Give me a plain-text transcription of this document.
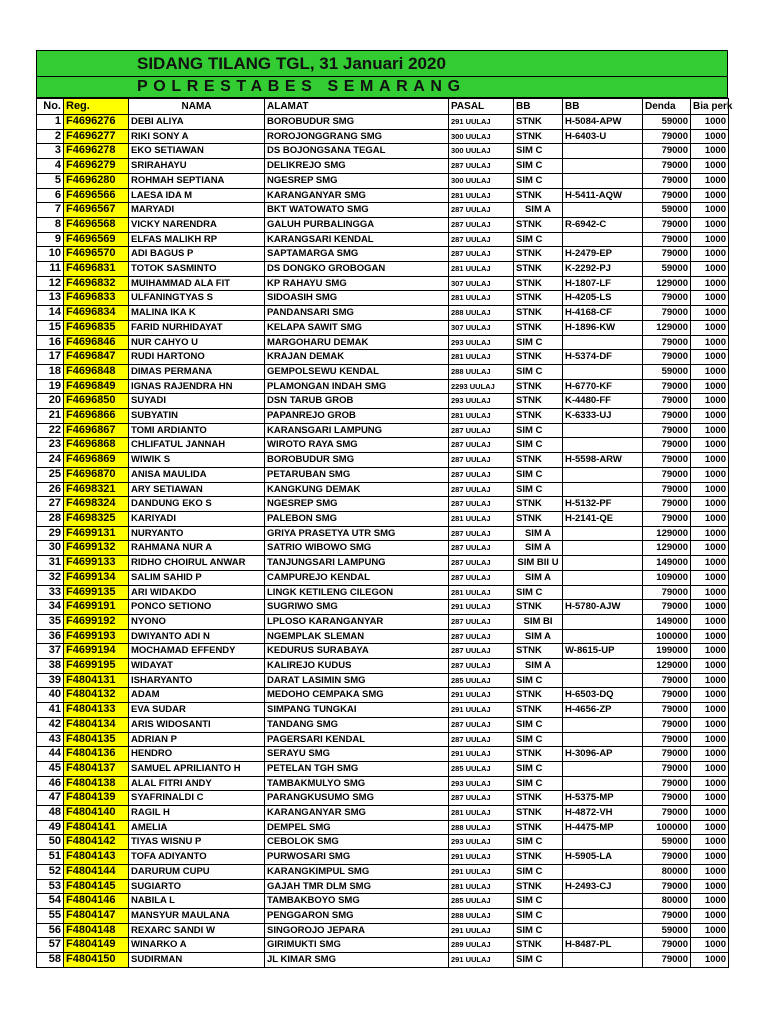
SIDANG TILANG TGL, 31 Januari 2020
POLRESTABES SEMARANG
No.	Reg.	NAMA	ALAMAT	PASAL	BB	BB	Denda	Bia perk
1	F4696276	DEBI ALIYA	BOROBUDUR SMG	291 UULAJ	STNK	H-5084-APW	59000	1000
2	F4696277	RIKI SONY A	ROROJONGGRANG SMG	300 UULAJ	STNK	H-6403-U	79000	1000
3	F4696278	EKO SETIAWAN	DS BOJONGSANA TEGAL	300 UULAJ	SIM C		79000	1000
4	F4696279	SRIRAHAYU	DELIKREJO SMG	287 UULAJ	SIM C		79000	1000
5	F4696280	ROHMAH SEPTIANA	NGESREP SMG	300 UULAJ	SIM C		79000	1000
6	F4696566	LAESA IDA M	KARANGANYAR SMG	281 UULAJ	STNK	H-5411-AQW	79000	1000
7	F4696567	MARYADI	BKT WATOWATO SMG	287 UULAJ	SIM A		59000	1000
8	F4696568	VICKY NARENDRA	GALUH PURBALINGGA	287 UULAJ	STNK	R-6942-C	79000	1000
9	F4696569	ELFAS MALIKH RP	KARANGSARI KENDAL	287 UULAJ	SIM C		79000	1000
10	F4696570	ADI BAGUS P	SAPTAMARGA SMG	287 UULAJ	STNK	H-2479-EP	79000	1000
11	F4696831	TOTOK SASMINTO	DS DONGKO GROBOGAN	281 UULAJ	STNK	K-2292-PJ	59000	1000
12	F4696832	MUIHAMMAD ALA FIT	KP RAHAYU SMG	307 UULAJ	STNK	H-1807-LF	129000	1000
13	F4696833	ULFANINGTYAS S	SIDOASIH SMG	281 UULAJ	STNK	H-4205-LS	79000	1000
14	F4696834	MALINA IKA K	PANDANSARI SMG	288 UULAJ	STNK	H-4168-CF	79000	1000
15	F4696835	FARID NURHIDAYAT	KELAPA SAWIT SMG	307 UULAJ	STNK	H-1896-KW	129000	1000
16	F4696846	NUR CAHYO U	MARGOHARU DEMAK	293 UULAJ	SIM C		79000	1000
17	F4696847	RUDI HARTONO	KRAJAN DEMAK	281 UULAJ	STNK	H-5374-DF	79000	1000
18	F4696848	DIMAS PERMANA	GEMPOLSEWU KENDAL	288 UULAJ	SIM C		59000	1000
19	F4696849	IGNAS RAJENDRA HN	PLAMONGAN INDAH SMG	2293 UULAJ	STNK	H-6770-KF	79000	1000
20	F4696850	SUYADI	DSN TARUB GROB	293 UULAJ	STNK	K-4480-FF	79000	1000
21	F4696866	SUBYATIN	PAPANREJO GROB	281 UULAJ	STNK	K-6333-UJ	79000	1000
22	F4696867	TOMI ARDIANTO	KARANSGARI LAMPUNG	287 UULAJ	SIM C		79000	1000
23	F4696868	CHLIFATUL JANNAH	WIROTO RAYA SMG	287 UULAJ	SIM C		79000	1000
24	F4696869	WIWIK S	BOROBUDUR SMG	287 UULAJ	STNK	H-5598-ARW	79000	1000
25	F4696870	ANISA MAULIDA	PETARUBAN SMG	287 UULAJ	SIM C		79000	1000
26	F4698321	ARY SETIAWAN	KANGKUNG DEMAK	287 UULAJ	SIM C		79000	1000
27	F4698324	DANDUNG EKO S	NGESREP SMG	287 UULAJ	STNK	H-5132-PF	79000	1000
28	F4698325	KARIYADI	PALEBON SMG	281 UULAJ	STNK	H-2141-QE	79000	1000
29	F4699131	NURYANTO	GRIYA PRASETYA UTR SMG	287 UULAJ	SIM A		129000	1000
30	F4699132	RAHMANA NUR A	SATRIO WIBOWO SMG	287 UULAJ	SIM A		129000	1000
31	F4699133	RIDHO CHOIRUL ANWAR	TANJUNGSARI LAMPUNG	287 UULAJ	SIM BII U		149000	1000
32	F4699134	SALIM SAHID P	CAMPUREJO KENDAL	287 UULAJ	SIM A		109000	1000
33	F4699135	ARI WIDAKDO	LINGK KETILENG CILEGON	281 UULAJ	SIM C		79000	1000
34	F4699191	PONCO SETIONO	SUGRIWO SMG	291 UULAJ	STNK	H-5780-AJW	79000	1000
35	F4699192	NYONO	LPLOSO KARANGANYAR	287 UULAJ	SIM BI		149000	1000
36	F4699193	DWIYANTO ADI N	NGEMPLAK SLEMAN	287 UULAJ	SIM A		100000	1000
37	F4699194	MOCHAMAD EFFENDY	KEDURUS SURABAYA	287 UULAJ	STNK	W-8615-UP	199000	1000
38	F4699195	WIDAYAT	KALIREJO KUDUS	287 UULAJ	SIM A		129000	1000
39	F4804131	ISHARYANTO	DARAT LASIMIN SMG	285 UULAJ	SIM C		79000	1000
40	F4804132	ADAM	MEDOHO CEMPAKA SMG	291 UULAJ	STNK	H-6503-DQ	79000	1000
41	F4804133	EVA SUDAR	SIMPANG TUNGKAI	291 UULAJ	STNK	H-4656-ZP	79000	1000
42	F4804134	ARIS WIDOSANTI	TANDANG SMG	287 UULAJ	SIM C		79000	1000
43	F4804135	ADRIAN P	PAGERSARI KENDAL	287 UULAJ	SIM C		79000	1000
44	F4804136	HENDRO	SERAYU SMG	291 UULAJ	STNK	H-3096-AP	79000	1000
45	F4804137	SAMUEL APRILIANTO H	PETELAN TGH SMG	285 UULAJ	SIM C		79000	1000
46	F4804138	ALAL FITRI ANDY	TAMBAKMULYO SMG	293 UULAJ	SIM C		79000	1000
47	F4804139	SYAFRINALDI C	PARANGKUSUMO SMG	287 UULAJ	STNK	H-5375-MP	79000	1000
48	F4804140	RAGIL H	KARANGANYAR SMG	281 UULAJ	STNK	H-4872-VH	79000	1000
49	F4804141	AMELIA	DEMPEL SMG	288 UULAJ	STNK	H-4475-MP	100000	1000
50	F4804142	TIYAS WISNU P	CEBOLOK SMG	293 UULAJ	SIM C		59000	1000
51	F4804143	TOFA ADIYANTO	PURWOSARI SMG	291 UULAJ	STNK	H-5905-LA	79000	1000
52	F4804144	DARURUM CUPU	KARANGKIMPUL SMG	291 UULAJ	SIM C		80000	1000
53	F4804145	SUGIARTO	GAJAH TMR DLM SMG	281 UULAJ	STNK	H-2493-CJ	79000	1000
54	F4804146	NABILA L	TAMBAKBOYO SMG	285 UULAJ	SIM C		80000	1000
55	F4804147	MANSYUR MAULANA	PENGGARON SMG	288 UULAJ	SIM C		79000	1000
56	F4804148	REXARC SANDI W	SINGOROJO JEPARA	291 UULAJ	SIM C		59000	1000
57	F4804149	WINARKO A	GIRIMUKTI SMG	289 UULAJ	STNK	H-8487-PL	79000	1000
58	F4804150	SUDIRMAN	JL KIMAR SMG	291 UULAJ	SIM C		79000	1000
